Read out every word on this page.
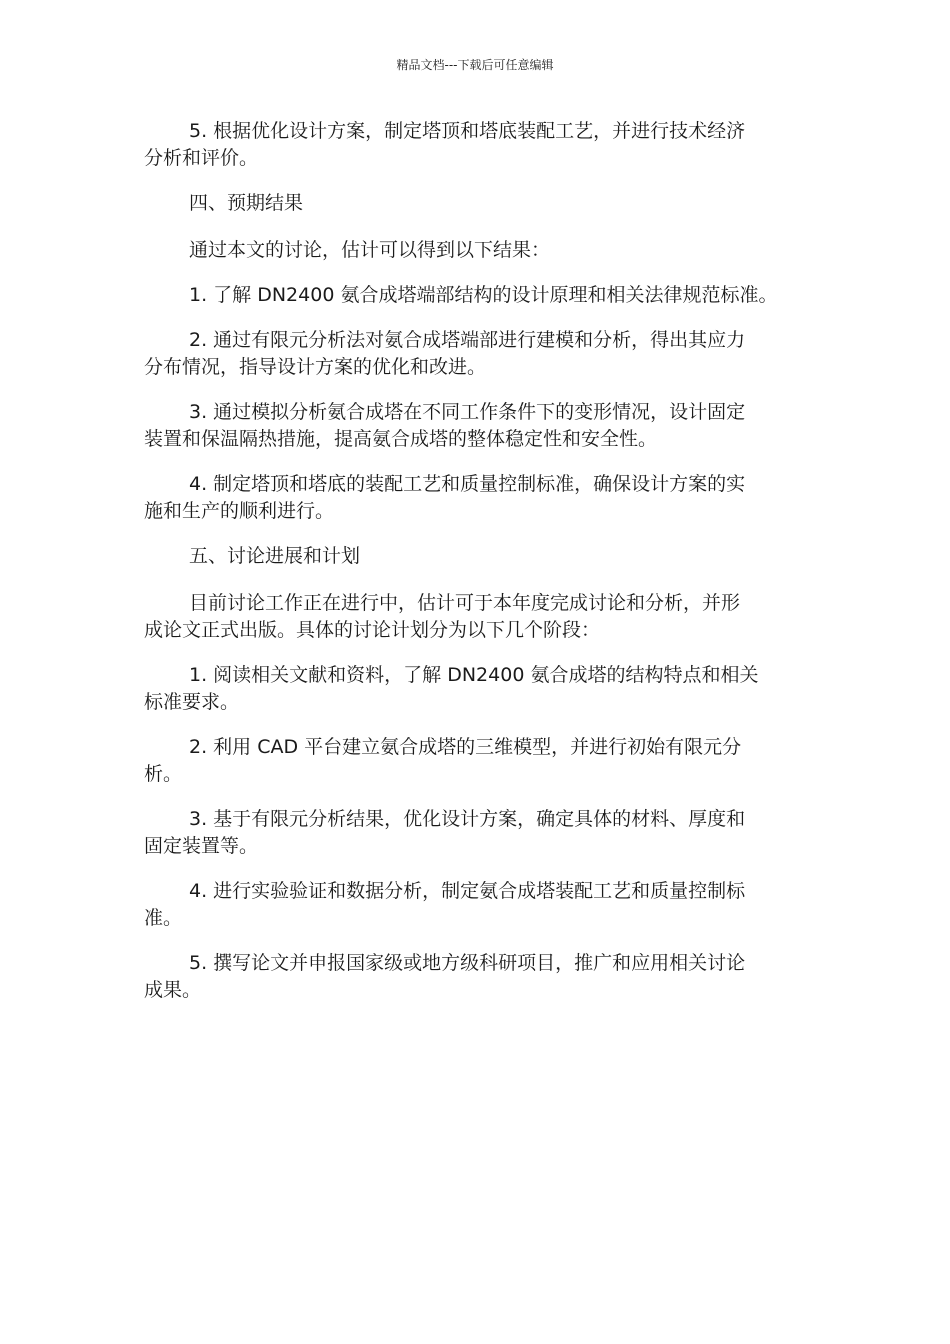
精品文档---下载后可任意编辑

5. 根据优化设计方案，制定塔顶和塔底装配工艺，并进行技术经济
分析和评价。

四、预期结果

通过本文的讨论，估计可以得到以下结果：

1. 了解 DN2400 氨合成塔端部结构的设计原理和相关法律规范标准。

2. 通过有限元分析法对氨合成塔端部进行建模和分析，得出其应力
分布情况，指导设计方案的优化和改进。

3. 通过模拟分析氨合成塔在不同工作条件下的变形情况，设计固定
装置和保温隔热措施，提高氨合成塔的整体稳定性和安全性。

4. 制定塔顶和塔底的装配工艺和质量控制标准，确保设计方案的实
施和生产的顺利进行。

五、讨论进展和计划

目前讨论工作正在进行中，估计可于本年度完成讨论和分析，并形
成论文正式出版。具体的讨论计划分为以下几个阶段：

1. 阅读相关文献和资料，了解 DN2400 氨合成塔的结构特点和相关
标准要求。

2. 利用 CAD 平台建立氨合成塔的三维模型，并进行初始有限元分
析。

3. 基于有限元分析结果，优化设计方案，确定具体的材料、厚度和
固定装置等。

4. 进行实验验证和数据分析，制定氨合成塔装配工艺和质量控制标
准。

5. 撰写论文并申报国家级或地方级科研项目，推广和应用相关讨论
成果。
